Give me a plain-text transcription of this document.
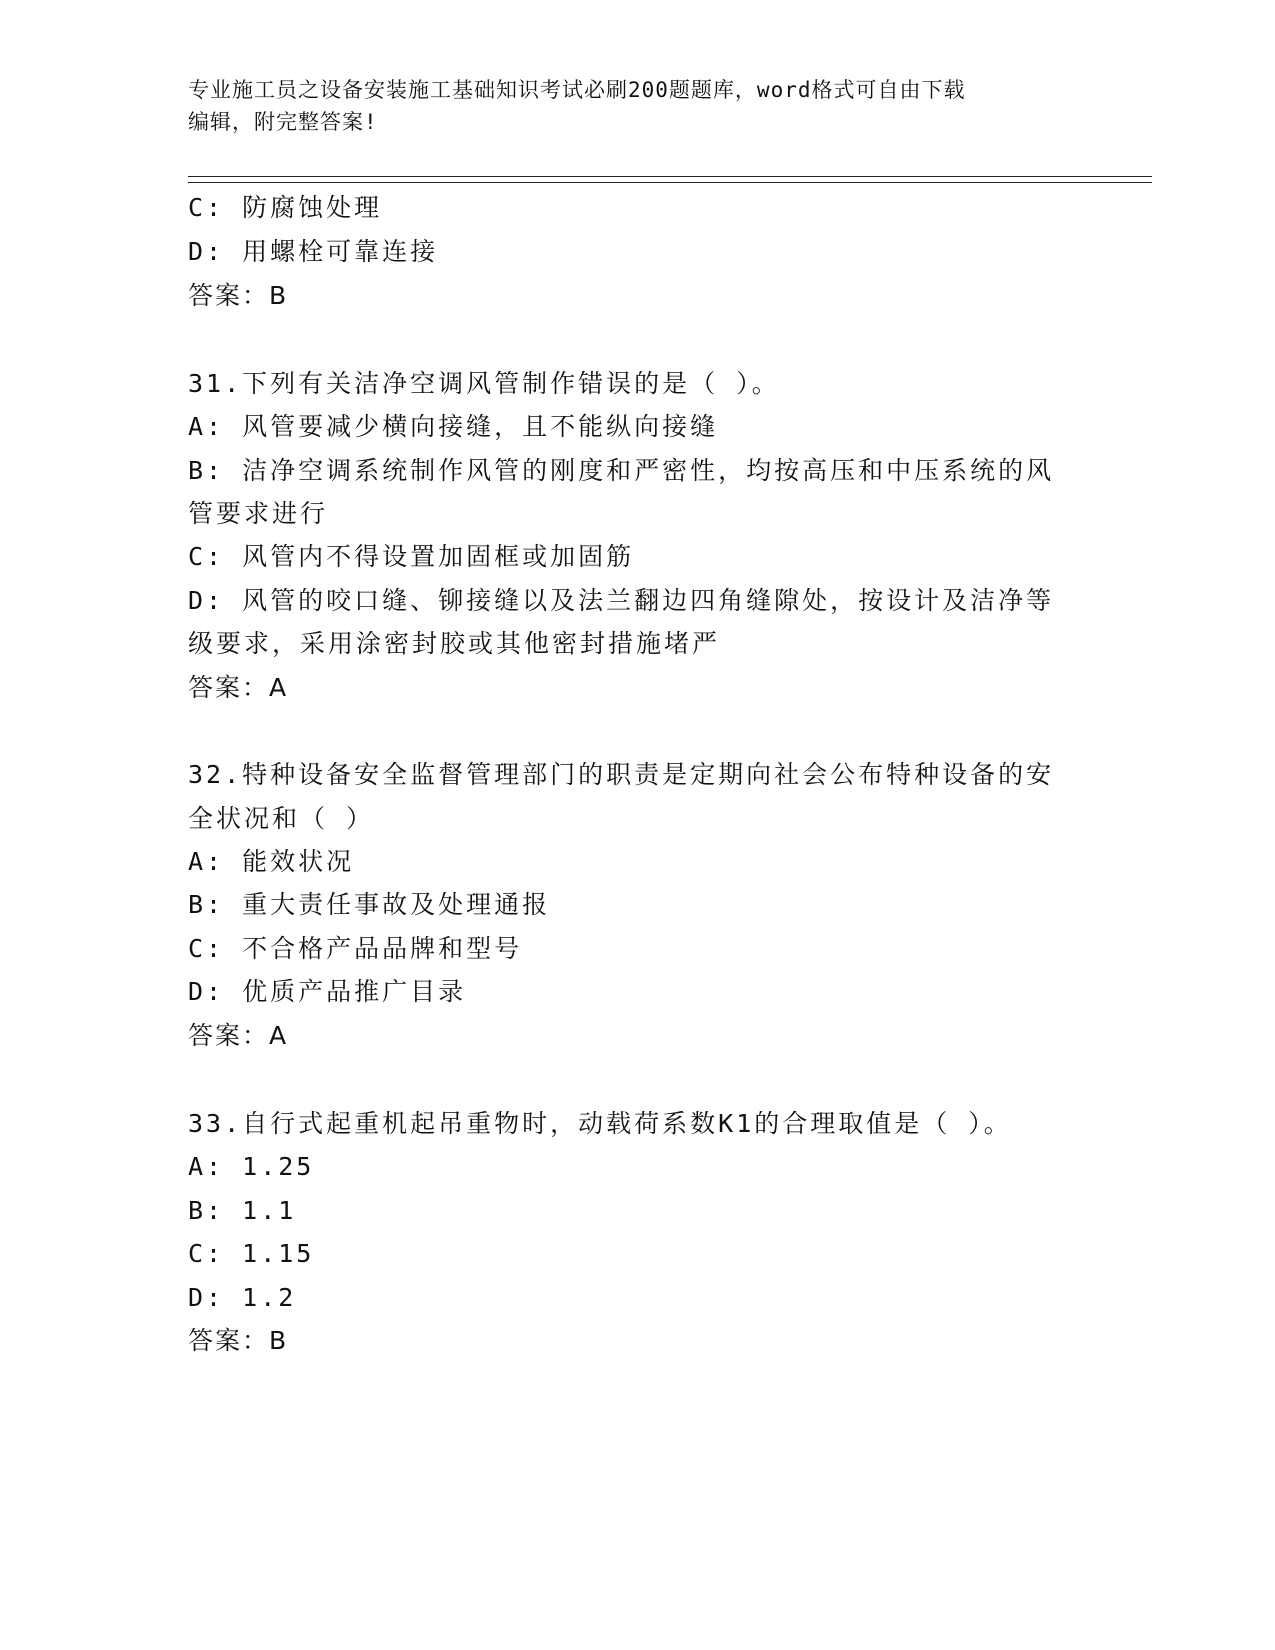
专业施工员之设备安装施工基础知识考试必刷200题题库，word格式可自由下载
编辑，附完整答案!
C: 防腐蚀处理
D: 用螺栓可靠连接
答案：B
31.下列有关洁净空调风管制作错误的是（ ）。
A: 风管要减少横向接缝，且不能纵向接缝
B: 洁净空调系统制作风管的刚度和严密性，均按高压和中压系统的风
管要求进行
C: 风管内不得设置加固框或加固筋
D: 风管的咬口缝、铆接缝以及法兰翻边四角缝隙处，按设计及洁净等
级要求，采用涂密封胶或其他密封措施堵严
答案：A
32.特种设备安全监督管理部门的职责是定期向社会公布特种设备的安
全状况和（ ）
A: 能效状况
B: 重大责任事故及处理通报
C: 不合格产品品牌和型号
D: 优质产品推广目录
答案：A
33.自行式起重机起吊重物时，动载荷系数K1的合理取值是（ ）。
A: 1.25
B: 1.1
C: 1.15
D: 1.2
答案：B
